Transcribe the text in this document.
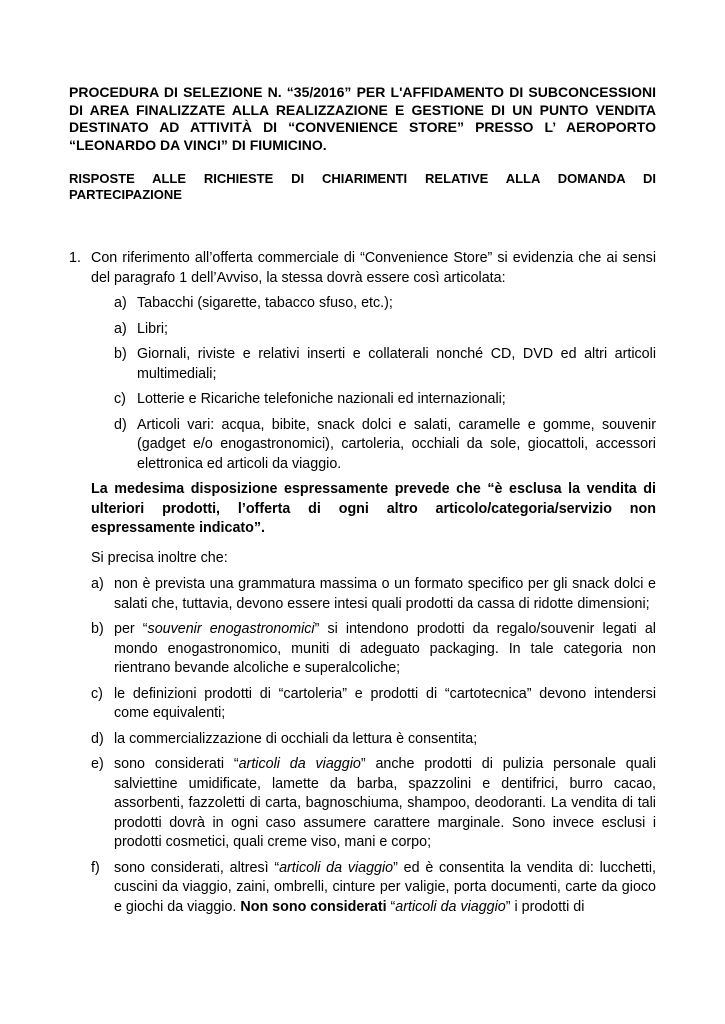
PROCEDURA DI SELEZIONE N. “35/2016” PER L'AFFIDAMENTO DI SUBCONCESSIONI DI AREA FINALIZZATE ALLA REALIZZAZIONE E GESTIONE DI UN PUNTO VENDITA DESTINATO AD ATTIVITÀ DI “CONVENIENCE STORE” PRESSO L’ AEROPORTO “LEONARDO DA VINCI” DI FIUMICINO.

RISPOSTE ALLE RICHIESTE DI CHIARIMENTI RELATIVE ALLA DOMANDA DI PARTECIPAZIONE

1. Con riferimento all’offerta commerciale di “Convenience Store” si evidenzia che ai sensi del paragrafo 1 dell’Avviso, la stessa dovrà essere così articolata:
a) Tabacchi (sigarette, tabacco sfuso, etc.);
a) Libri;
b) Giornali, riviste e relativi inserti e collaterali nonché CD, DVD ed altri articoli multimediali;
c) Lotterie e Ricariche telefoniche nazionali ed internazionali;
d) Articoli vari: acqua, bibite, snack dolci e salati, caramelle e gomme, souvenir (gadget e/o enogastronomici), cartoleria, occhiali da sole, giocattoli, accessori elettronica ed articoli da viaggio.

La medesima disposizione espressamente prevede che “è esclusa la vendita di ulteriori prodotti, l’offerta di ogni altro articolo/categoria/servizio non espressamente indicato”.

Si precisa inoltre che:

a) non è prevista una grammatura massima o un formato specifico per gli snack dolci e salati che, tuttavia, devono essere intesi quali prodotti da cassa di ridotte dimensioni;
b) per “souvenir enogastronomici” si intendono prodotti da regalo/souvenir legati al mondo enogastronomico, muniti di adeguato packaging. In tale categoria non rientrano bevande alcoliche e superalcoliche;
c) le definizioni prodotti di “cartoleria” e prodotti di “cartotecnica” devono intendersi come equivalenti;
d) la commercializzazione di occhiali da lettura è consentita;
e) sono considerati “articoli da viaggio” anche prodotti di pulizia personale quali salviettine umidificate, lamette da barba, spazzolini e dentifrici, burro cacao, assorbenti, fazzoletti di carta, bagnoschiuma, shampoo, deodoranti. La vendita di tali prodotti dovrà in ogni caso assumere carattere marginale. Sono invece esclusi i prodotti cosmetici, quali creme viso, mani e corpo;
f) sono considerati, altresì “articoli da viaggio” ed è consentita la vendita di: lucchetti, cuscini da viaggio, zaini, ombrelli, cinture per valigie, porta documenti, carte da gioco e giochi da viaggio. Non sono considerati “articoli da viaggio” i prodotti di
